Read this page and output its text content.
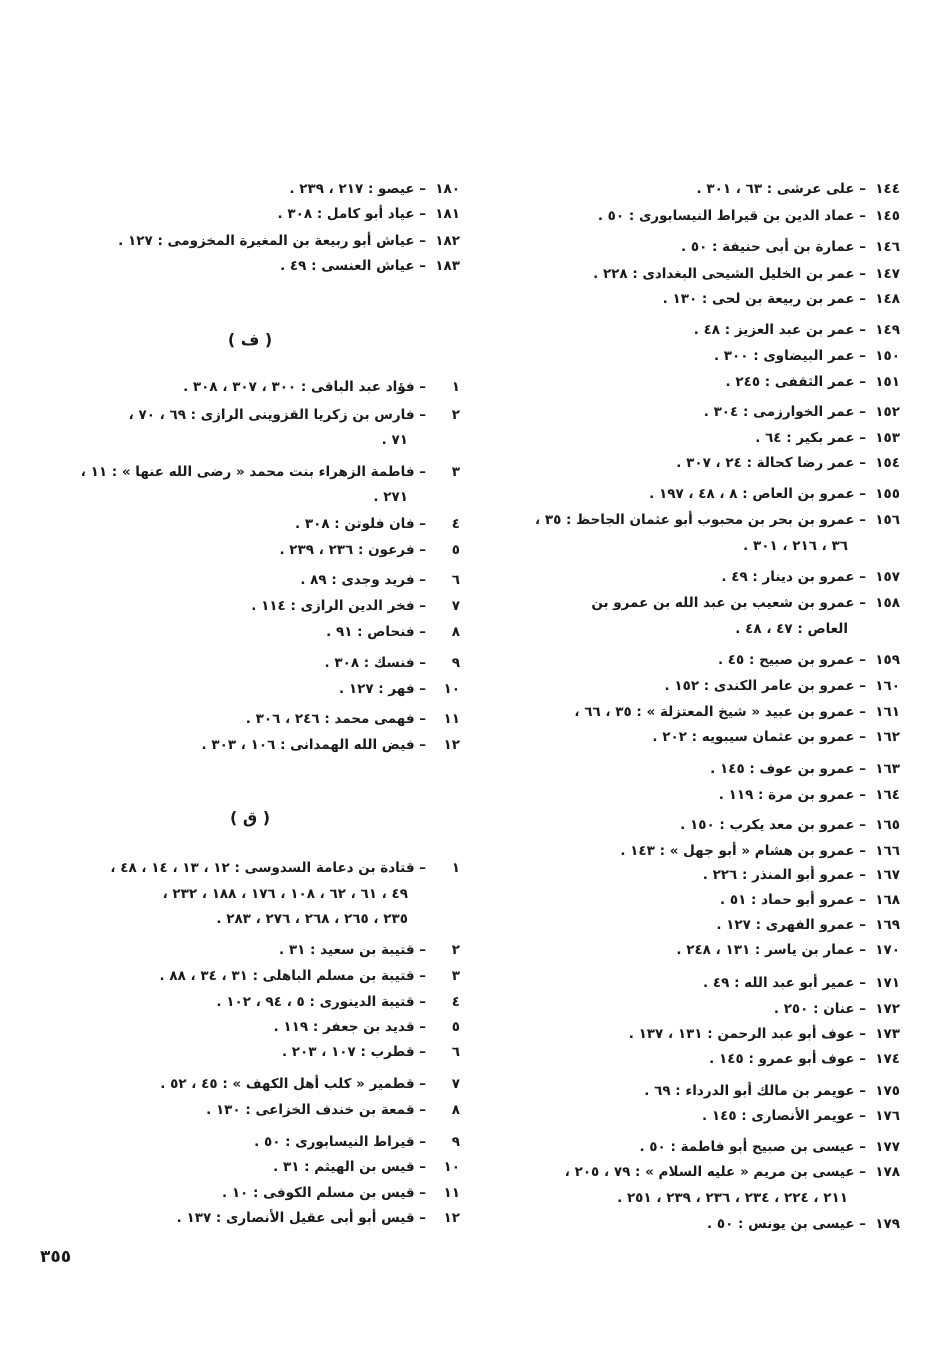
١٤٤– على عرشى : ٦٣ ، ٣٠١ .
١٤٥– عماد الدين بن قيراط النيسابورى : ٥٠ .
١٤٦– عمارة بن أبى حنيفة : ٥٠ .
١٤٧– عمر بن الخليل الشيحى البغدادى : ٢٢٨ .
١٤٨– عمر بن ربيعة بن لحى : ١٣٠ .
١٤٩– عمر بن عبد العزيز : ٤٨ .
١٥٠– عمر البيضاوى : ٣٠٠ .
١٥١– عمر الثقفى : ٢٤٥ .
١٥٢– عمر الخوارزمى : ٣٠٤ .
١٥٣– عمر بكير : ٦٤ .
١٥٤– عمر رضا كحالة : ٢٤ ، ٣٠٧ .
١٥٥– عمرو بن العاص : ٨ ، ٤٨ ، ١٩٧ .
١٥٦– عمرو بن بحر بن محبوب أبو عثمان الجاحظ : ٣٥ ،
٣٦ ، ٢١٦ ، ٣٠١ .
١٥٧– عمرو بن دينار : ٤٩ .
١٥٨– عمرو بن شعيب بن عبد الله بن عمرو بن
العاص : ٤٧ ، ٤٨ .
١٥٩– عمرو بن صبيح : ٤٥ .
١٦٠– عمرو بن عامر الكندى : ١٥٢ .
١٦١– عمرو بن عبيد « شيخ المعتزلة » : ٣٥ ، ٦٦ ،
١٦٢– عمرو بن عثمان سيبويه : ٢٠٢ .
١٦٣– عمرو بن عوف : ١٤٥ .
١٦٤– عمرو بن مرة : ١١٩ .
١٦٥– عمرو بن معد يكرب : ١٥٠ .
١٦٦– عمرو بن هشام « أبو جهل » : ١٤٣ .
١٦٧– عمرو أبو المنذر : ٢٢٦ .
١٦٨– عمرو أبو حماد : ٥١ .
١٦٩– عمرو الفهرى : ١٢٧ .
١٧٠– عمار بن ياسر : ١٣١ ، ٢٤٨ .
١٧١– عمير أبو عبد الله : ٤٩ .
١٧٢– عنان : ٢٥٠ .
١٧٣– عوف أبو عبد الرحمن : ١٣١ ، ١٣٧ .
١٧٤– عوف أبو عمرو : ١٤٥ .
١٧٥– عويمر بن مالك أبو الدرداء : ٦٩ .
١٧٦– عويمر الأنصارى : ١٤٥ .
١٧٧– عيسى بن صبيح أبو فاطمة : ٥٠ .
١٧٨– عيسى بن مريم « عليه السلام » : ٧٩ ، ٢٠٥ ،
٢١١ ، ٢٢٤ ، ٢٣٤ ، ٢٣٦ ، ٢٣٩ ، ٢٥١ .
١٧٩– عيسى بن يونس : ٥٠ .
١٨٠– عيصو : ٢١٧ ، ٢٣٩ .
١٨١– عياد أبو كامل : ٣٠٨ .
١٨٢– عياش أبو ربيعة بن المغيرة المخزومى : ١٢٧ .
١٨٣– عياش العنسى : ٤٩ .
( ف )
١– فؤاد عبد الباقى : ٣٠٠ ، ٣٠٧ ، ٣٠٨ .
٢– فارس بن زكريا القزوينى الرازى : ٦٩ ، ٧٠ ،
٧١ .
٣– فاطمة الزهراء بنت محمد « رضى الله عنها » : ١١ ،
٢٧١ .
٤– فان فلوتن : ٣٠٨ .
٥– فرعون : ٢٣٦ ، ٢٣٩ .
٦– فريد وجدى : ٨٩ .
٧– فخر الدين الرازى : ١١٤ .
٨– فنحاص : ٩١ .
٩– فنسك : ٣٠٨ .
١٠– فهر : ١٢٧ .
١١– فهمى محمد : ٢٤٦ ، ٣٠٦ .
١٢– فيض الله الهمدانى : ١٠٦ ، ٣٠٣ .
( ق )
١– قتادة بن دعامة السدوسى : ١٢ ، ١٣ ، ١٤ ، ٤٨ ،
٤٩ ، ٦١ ، ٦٢ ، ١٠٨ ، ١٧٦ ، ١٨٨ ، ٢٣٢ ،
٢٣٥ ، ٢٦٥ ، ٢٦٨ ، ٢٧٦ ، ٢٨٣ .
٢– قتيبة بن سعيد : ٣١ .
٣– قتيبة بن مسلم الباهلى : ٣١ ، ٣٤ ، ٨٨ .
٤– قتيبة الدينورى : ٥ ، ٩٤ ، ١٠٢ .
٥– قديد بن جعفر : ١١٩ .
٦– قطرب : ١٠٧ ، ٢٠٣ .
٧– قطمير « كلب أهل الكهف » : ٤٥ ، ٥٢ .
٨– قمعة بن خندف الخزاعى : ١٣٠ .
٩– قيراط النيسابورى : ٥٠ .
١٠– قيس بن الهيثم : ٣١ .
١١– قيس بن مسلم الكوفى : ١٠ .
١٢– قيس أبو أبى عقيل الأنصارى : ١٣٧ .
٣٥٥
